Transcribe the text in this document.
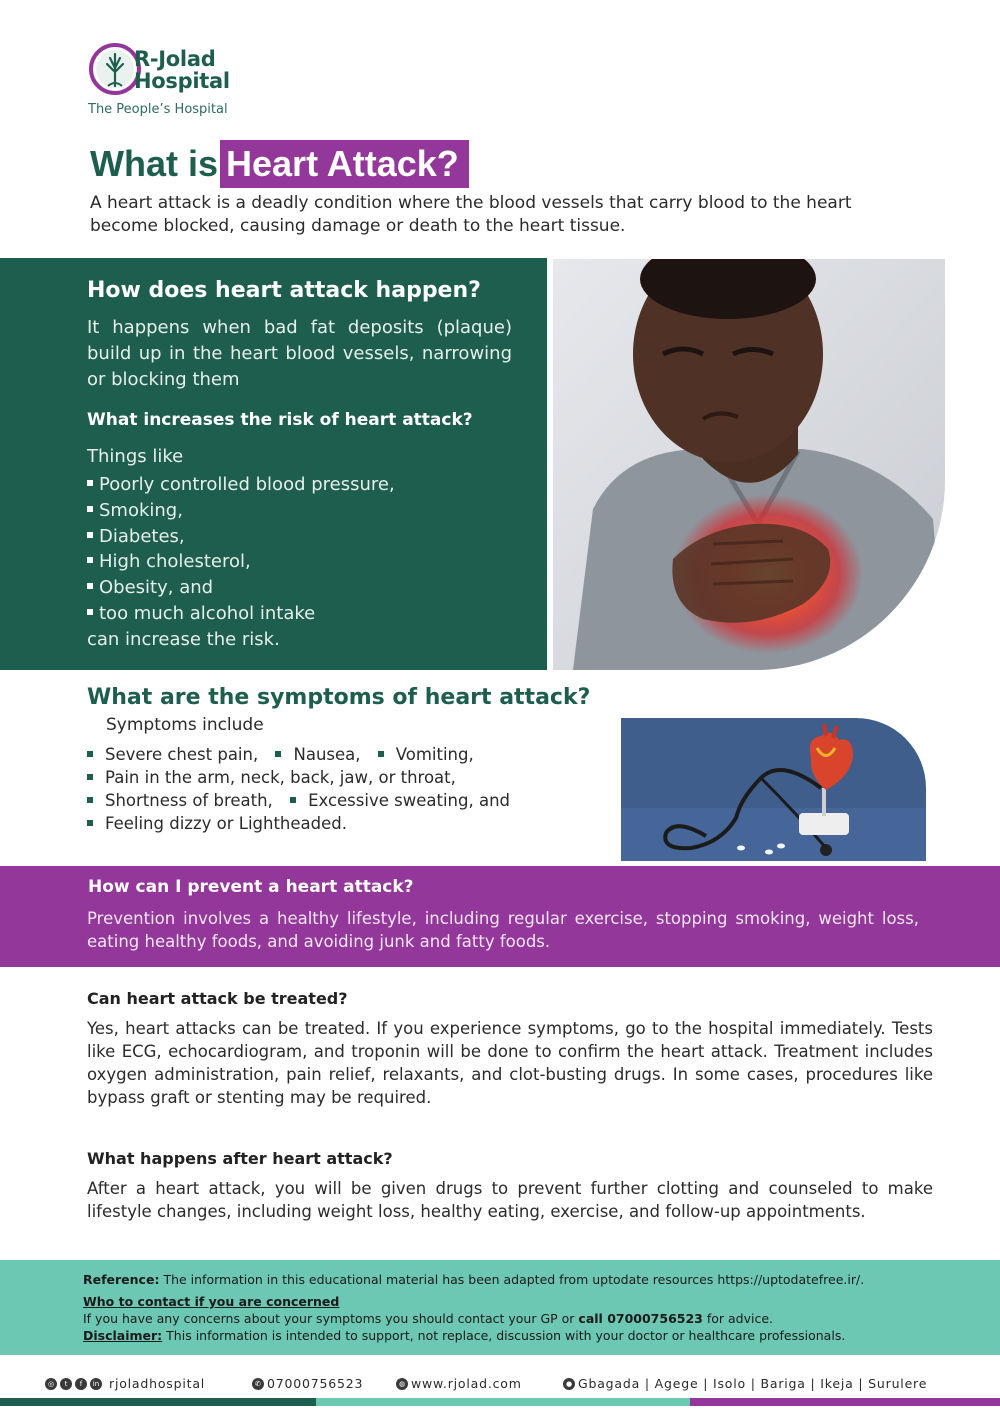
R-Jolad
Hospital
The People’s Hospital
What is Heart Attack?
A heart attack is a deadly condition where the blood vessels that carry blood to the heart become blocked, causing damage or death to the heart tissue.
How does heart attack happen?

It happens when bad fat deposits (plaque) build up in the heart blood vessels, narrowing or blocking them

What increases the risk of heart attack?
Things like
Poorly controlled blood pressure,
Smoking,
Diabetes,
High cholesterol,
Obesity, and
too much alcohol intake
can increase the risk.
What are the symptoms of heart attack?
Symptoms include
Severe chest pain, Nausea, Vomiting,
Pain in the arm, neck, back, jaw, or throat,
Shortness of breath, Excessive sweating, and
Feeling dizzy or Lightheaded.
How can I prevent a heart attack?

Prevention involves a healthy lifestyle, including regular exercise, stopping smoking, weight loss, eating healthy foods, and avoiding junk and fatty foods.

Can heart attack be treated?
Yes, heart attacks can be treated. If you experience symptoms, go to the hospital immediately. Tests like ECG, echocardiogram, and troponin will be done to confirm the heart attack. Treatment includes oxygen administration, pain relief, relaxants, and clot-busting drugs. In some cases, procedures like bypass graft or stenting may be required.
What happens after heart attack?
After a heart attack, you will be given drugs to prevent further clotting and counseled to make lifestyle changes, including weight loss, healthy eating, exercise, and follow-up appointments.
Reference: The information in this educational material has been adapted from uptodate resources https://uptodatefree.ir/.
Who to contact if you are concerned
If you have any concerns about your symptoms you should contact your GP or call 07000756523 for advice.
Disclaimer: This information is intended to support, not replace, discussion with your doctor or healthcare professionals.
◎	t	f	in rjoladhospital	✆ 07000756523	◍ www.rjolad.com	● Gbagada | Agege | Isolo | Bariga | Ikeja | Surulere
